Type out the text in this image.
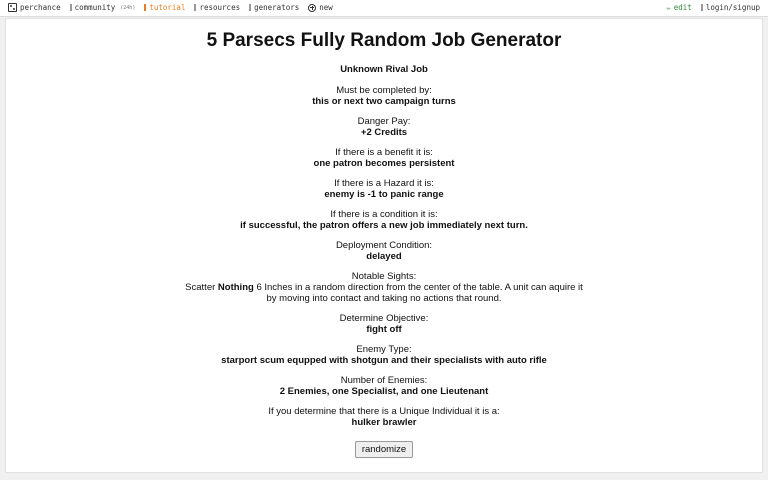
perchance community (24h) tutorial resources generators	new	✏ edit login/signup
5 Parsecs Fully Random Job Generator
Unknown Rival Job
Must be completed by:
this or next two campaign turns
Danger Pay:
+2 Credits
If there is a benefit it is:
one patron becomes persistent
If there is a Hazard it is:
enemy is -1 to panic range
If there is a condition it is:
if successful, the patron offers a new job immediately next turn.
Deployment Condition:
delayed
Notable Sights:
Scatter Nothing 6 Inches in a random direction from the center of the table. A unit can aquire it by moving into contact and taking no actions that round.
Determine Objective:
fight off
Enemy Type:
starport scum equpped with shotgun and their specialists with auto rifle
Number of Enemies:
2 Enemies, one Specialist, and one Lieutenant
If you determine that there is a Unique Individual it is a:
hulker brawler
randomize
